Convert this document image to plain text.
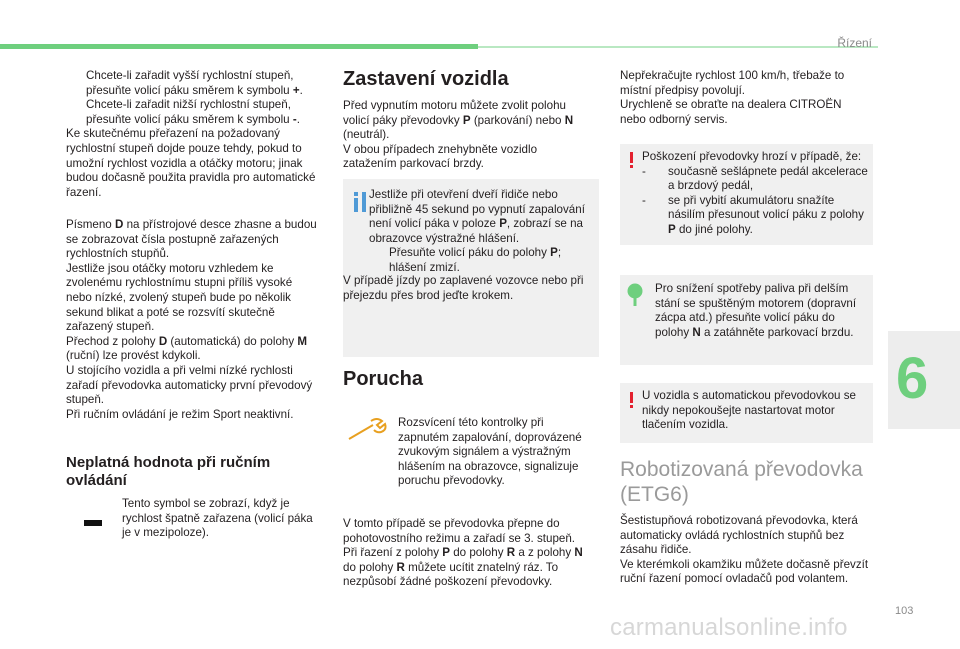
Řízení
6

Chcete-li zařadit vyšší rychlostní stupeň, přesuňte volicí páku směrem k symbolu +.

Chcete-li zařadit nižší rychlostní stupeň, přesuňte volicí páku směrem k symbolu -.

Ke skutečnému přeřazení na požadovaný rychlostní stupeň dojde pouze tehdy, pokud to umožní rychlost vozidla a otáčky motoru; jinak budou dočasně použita pravidla pro automatické řazení.

Písmeno D na přístrojové desce zhasne a budou se zobrazovat čísla postupně zařazených rychlostních stupňů.

Jestliže jsou otáčky motoru vzhledem ke zvolenému rychlostnímu stupni příliš vysoké nebo nízké, zvolený stupeň bude po několik sekund blikat a poté se rozsvítí skutečně zařazený stupeň.

Přechod z polohy D (automatická) do polohy M (ruční) lze provést kdykoli.

U stojícího vozidla a při velmi nízké rychlosti zařadí převodovka automaticky první převodový stupeň.

Při ručním ovládání je režim Sport neaktivní.

Neplatná hodnota při ručním ovládání

Tento symbol se zobrazí, když je rychlost špatně zařazena (volicí páka je v mezipoloze).

Zastavení vozidla

Před vypnutím motoru můžete zvolit polohu volicí páky převodovky P (parkování) nebo N (neutrál).

V obou případech znehybněte vozidlo zatažením parkovací brzdy.

Jestliže při otevření dveří řidiče nebo přibližně 45 sekund po vypnutí zapalování není volicí páka v poloze P, zobrazí se na obrazovce výstražné hlášení.

Přesuňte volicí páku do polohy P; hlášení zmizí.

V případě jízdy po zaplavené vozovce nebo při přejezdu přes brod jeďte krokem.

Porucha

Rozsvícení této kontrolky při zapnutém zapalování, doprovázené zvukovým signálem a výstražným hlášením na obrazovce, signalizuje poruchu převodovky.

V tomto případě se převodovka přepne do pohotovostního režimu a zařadí se 3. stupeň.

Při řazení z polohy P do polohy R a z polohy N do polohy R můžete ucítit znatelný ráz. To nezpůsobí žádné poškození převodovky.

Nepřekračujte rychlost 100 km/h, třebaže to místní předpisy povolují.

Urychleně se obraťte na dealera CITROËN nebo odborný servis.

Poškození převodovky hrozí v případě, že:

- současně sešlápnete pedál akcelerace a brzdový pedál,

- se při vybití akumulátoru snažíte násilím přesunout volicí páku z polohy P do jiné polohy.

Pro snížení spotřeby paliva při delším stání se spuštěným motorem (dopravní zácpa atd.) přesuňte volicí páku do polohy N a zatáhněte parkovací brzdu.

U vozidla s automatickou převodovkou se nikdy nepokoušejte nastartovat motor tlačením vozidla.

Robotizovaná převodovka (ETG6)

Šestistupňová robotizovaná převodovka, která automaticky ovládá rychlostních stupňů bez zásahu řidiče.

Ve kterémkoli okamžiku můžete dočasně převzít ruční řazení pomocí ovladačů pod volantem.

103
carmanualsonline.info
